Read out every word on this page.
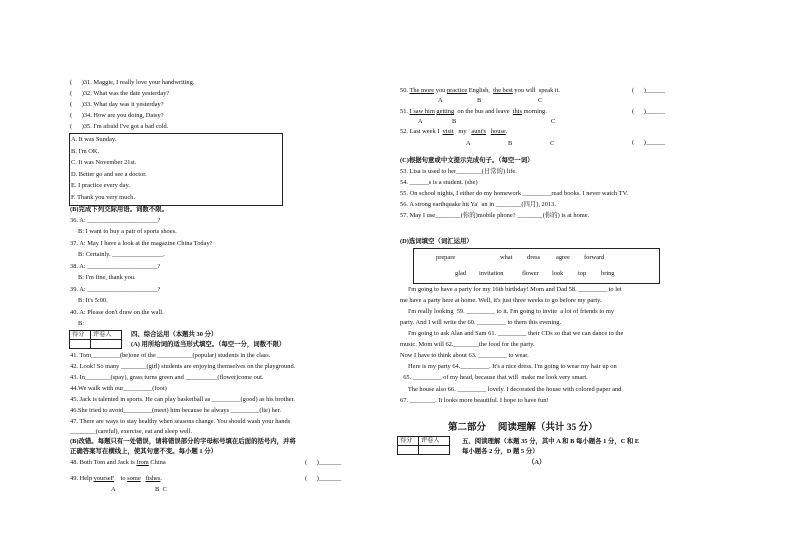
(      )31. Maggie, I really love your handwriting.
(      )32. What was the date yesterday?
(      )33. What day was it yesterday?
(      )34. How are you doing, Daisy?
(      )35. I'm afraid I've got a bad cold.
A. It was Sunday.
B. I'm OK.
C. It was November 21st.
D. Better go and see a doctor.
E. I practice every day.
F. Thank you very much.
(B)完成下列交际用语。词数不限。
36. A: ______________________?
B: I want to buy a pair of sports shoes.
37. A: May I have a look at the magazine China Today?
B: Certainly. ________________.
38. A: ______________________?
B: I'm fine, thank you.
39. A: ______________________?
B: It's 5:00.
40. A: Please don't draw on the wall.
B:
得分	评卷人
		四、综合运用（本题共 30 分）
(A) 用所给词的适当形式填空。（每空一分，词数不限）
41. Tom_________(be)one of the ___________(popular) students in the class.
42. Look! So many ________(girl) students are enjoying themselves on the playground.
43. In________(spay), grass turns green and __________(flower)come out.
44.We walk with our_________(foot)
45. Jack is talented in sports. He can play basketball as _________(good) as his brother.
46.She tried to avoid_________(meet) him because he always _________(lie) her.
47. There are ways to stay healthy when seasons change. You should wash your hands
________(careful), exercise, eat and sleep well.
(B)改错。每题只有一处错误，请将错误部分的字母标号填在后面的括号内，并将
正确答案写在横线上，使其句意不变。每小题 1 分）
48. Both Tom and Jack is from China	(      )_______
49. Help yourseF    to some fishes.	(      )_______
A	B  C
50. The more you practice English,  the best you will  speak it.	(      )______
A	B	C
51. I saw him getting  on the bus and leave  this morning.	(      )______
A	B	C
52. Last week I  visit   my   aunt's house.
(      )______
A	B	C
(C)根据句意或中文提示完成句子。（每空一词）
53. Lisa is used to her________(日常的) life.
54. ______s is a student. (she)
55. On school nights, I either do my homework _________read books. I never watch TV.
56. A strong earthquake hit Ya'  an in ________(四月), 2013.
57. May I use________(你的)mobile phone? ________(你的) is at home.
(D)选词填空（词汇运用）
prepare	what dress agree forward
glad invitation	flower look top bring
I'm going to have a party for my 16th birthday! Mom and Dad 58. _________ to let
me have a party here at home. Well, it's just three weeks to go before my party.
I'm really looking  59. _________ to it. I'm going to invite  a lot of friends to my
party. And I will write the 60. _________ to them this evening.
I'm going to ask Alan and Sam 61. _________ their CDs so that we can dance to the
music. Mom will 62.________the food for the party.
Now I have to think about 63. _________ to wear.
Here is my party 64._________. It's a nice dress. I'm going to wear my hair up on
65. _________ of my head, because that will  make me look very smart.
The house also 66. _________ lovely. I decorated the house with colored paper and
67. ________. It looks more beautiful. I hope to have fun!
第二部分     阅读理解（共计 35 分）
得分	评卷人
		五、阅读理解（本题 35 分，其中 A 和 B 每小题各 1 分，C 和 E
每小题各 2 分，D 题 5 分）
（A）
